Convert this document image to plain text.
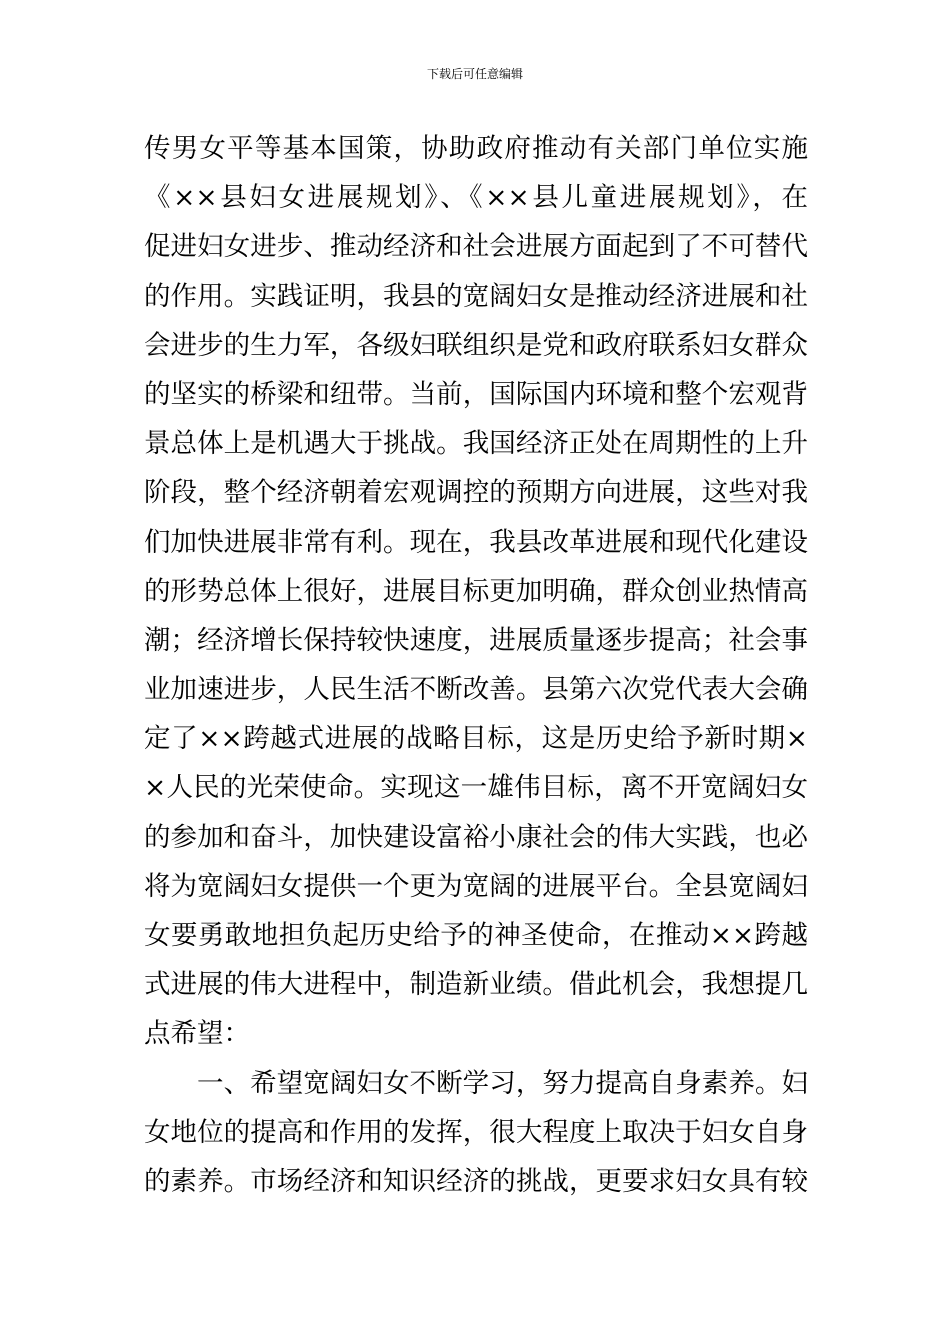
下载后可任意编辑
传男女平等基本国策，协助政府推动有关部门单位实施
《××县妇女进展规划》、《××县儿童进展规划》，在
促进妇女进步、推动经济和社会进展方面起到了不可替代
的作用。实践证明，我县的宽阔妇女是推动经济进展和社
会进步的生力军，各级妇联组织是党和政府联系妇女群众
的坚实的桥梁和纽带。当前，国际国内环境和整个宏观背
景总体上是机遇大于挑战。我国经济正处在周期性的上升
阶段，整个经济朝着宏观调控的预期方向进展，这些对我
们加快进展非常有利。现在，我县改革进展和现代化建设
的形势总体上很好，进展目标更加明确，群众创业热情高
潮；经济增长保持较快速度，进展质量逐步提高；社会事
业加速进步，人民生活不断改善。县第六次党代表大会确
定了××跨越式进展的战略目标，这是历史给予新时期×
×人民的光荣使命。实现这一雄伟目标，离不开宽阔妇女
的参加和奋斗，加快建设富裕小康社会的伟大实践，也必
将为宽阔妇女提供一个更为宽阔的进展平台。全县宽阔妇
女要勇敢地担负起历史给予的神圣使命，在推动××跨越
式进展的伟大进程中，制造新业绩。借此机会，我想提几
点希望：
一、希望宽阔妇女不断学习，努力提高自身素养。妇
女地位的提高和作用的发挥，很大程度上取决于妇女自身
的素养。市场经济和知识经济的挑战，更要求妇女具有较
